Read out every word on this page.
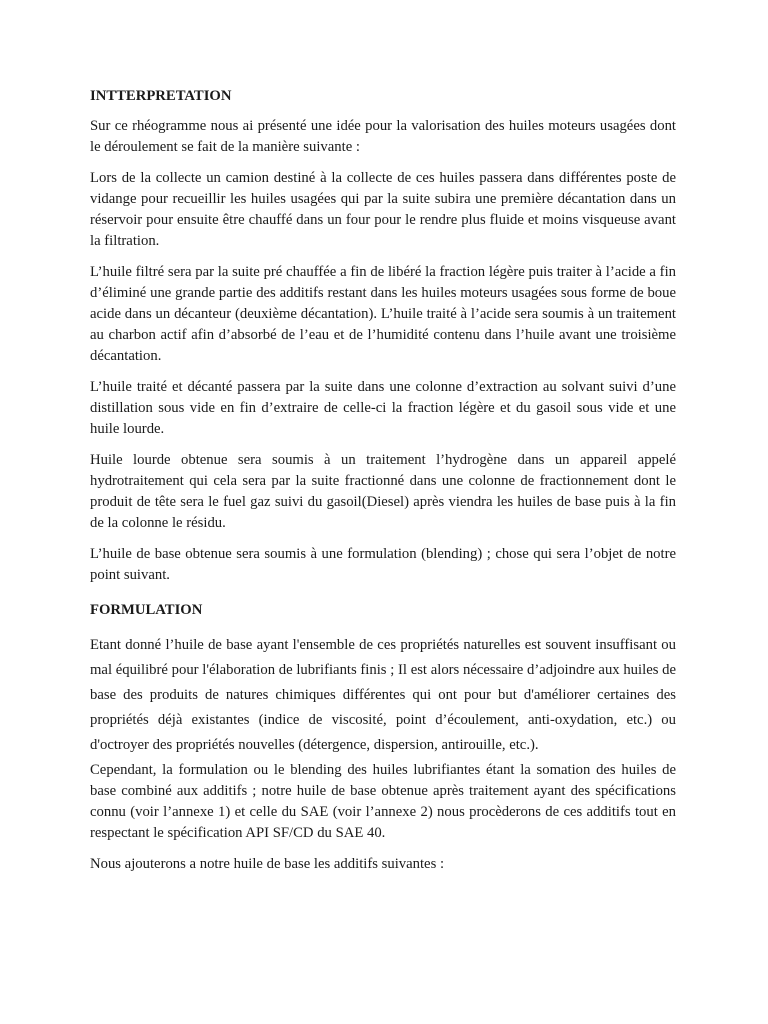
INTTERPRETATION

Sur ce rhéogramme nous ai présenté une idée pour la valorisation des huiles moteurs usagées dont le déroulement se fait de la manière suivante :

Lors de la collecte un camion destiné à la collecte de ces huiles passera dans différentes poste de vidange pour recueillir les huiles usagées qui par la suite subira une première décantation dans un réservoir pour ensuite être chauffé dans un four pour le rendre plus fluide et moins visqueuse avant la filtration.

L’huile filtré sera par la suite pré chauffée a fin de libéré la fraction légère puis traiter à l’acide a fin d’éliminé une grande partie des additifs restant dans les huiles moteurs usagées sous forme de boue acide dans un décanteur (deuxième décantation). L’huile traité à l’acide sera soumis à un traitement au charbon actif afin d’absorbé de l’eau et de l’humidité contenu dans l’huile avant une troisième décantation.

L’huile traité et décanté passera par la suite dans une colonne d’extraction au solvant suivi d’une distillation sous vide en fin d’extraire de celle-ci la fraction légère et du gasoil sous vide et une huile lourde.

Huile lourde obtenue sera soumis à un traitement l’hydrogène dans un appareil appelé hydrotraitement qui cela sera par la suite fractionné dans une colonne de fractionnement dont le produit de tête sera le fuel gaz suivi du gasoil(Diesel) après viendra les huiles de base puis à la fin de la colonne le résidu.

L’huile de base obtenue sera soumis à une formulation (blending) ; chose qui sera l’objet de notre point suivant.

FORMULATION

Etant donné l’huile de base ayant l'ensemble de ces propriétés naturelles est souvent insuffisant ou mal équilibré pour l'élaboration de lubrifiants finis ; Il est alors nécessaire d’adjoindre aux huiles de base des produits de natures chimiques différentes qui ont pour but d'améliorer certaines des propriétés déjà existantes (indice de viscosité, point d’écoulement, anti-oxydation, etc.) ou d'octroyer des propriétés nouvelles (détergence, dispersion, antirouille, etc.).

Cependant, la formulation ou le blending des huiles lubrifiantes étant la somation des huiles de base combiné aux additifs ; notre huile de base obtenue après traitement ayant des spécifications connu (voir l’annexe 1) et celle du SAE (voir l’annexe 2) nous procèderons de ces additifs tout en respectant le spécification API SF/CD du SAE 40.

Nous ajouterons a notre huile de base les additifs suivantes :
